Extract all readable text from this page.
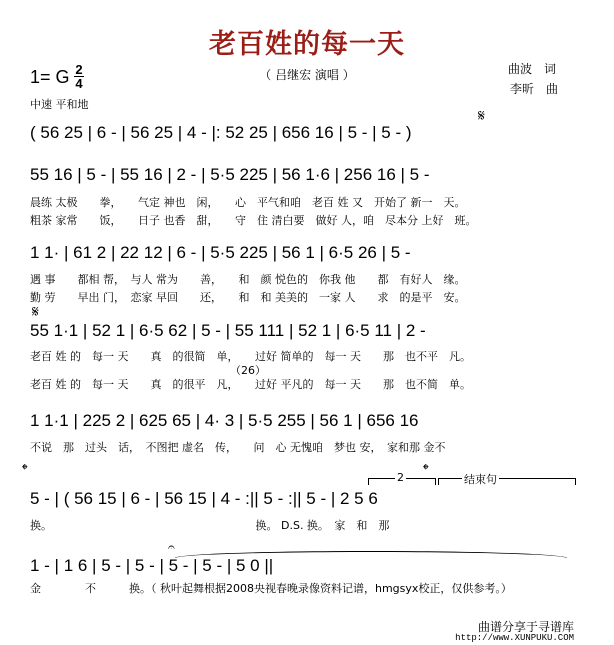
老百姓的每一天
（ 吕继宏 演唱 ）
1= G 2
4
中速 平和地
曲波　词
李昕　曲
( 56 25 | 6 - | 56 25 | 4 - |: 52 25 | 656 16 | 5 - | 5 - )
𝄋
55 16 | 5 - | 55 16 | 2 - | 5·5 225 | 56 1·6 | 256 16 | 5 -
晨练 太极　　拳，　　气定 神也　闲，　　心　平气和咱　老百 姓 又　开始了 新一　天。
粗茶 家常　　饭，　　日子 也香　甜，　　守　住 清白要　做好 人，咱　尽本分 上好　班。
1 1· | 61 2 | 22 12 | 6 - | 5·5 225 | 56 1 | 6·5 26 | 5 -
遇 事　　都相 帮，　与人 常为　　善，　　和　颜 悦色的　你我 他　　都　有好人　缘。
勤 劳　　早出 门，　恋家 早回　　还，　　和　和 美美的　一家 人　　求　的是平　安。
𝄋
55 1·1 | 52 1 | 6·5 62 | 5 - | 55 111 | 52 1 | 6·5 11 | 2 -
老百 姓 的　每一 天　　真　的很简　单，　　过好 简单的　每一 天　　那　也不平　凡。
（26）
老百 姓 的　每一 天　　真　的很平　凡，　　过好 平凡的　每一 天　　那　也不简　单。
1 1·1 | 225 2 | 625 65 | 4· 3 | 5·5 255 | 56 1 | 656 16
不说　那　过头　话，　不图把 虚名　传，　　问　心 无愧咱　梦也 安，　家和那 金不
𝄌	𝄌
2	结束句
5 - | ( 56 15 | 6 - | 56 15 | 4 - :|| 5 - :|| 5 - | 2 5 6
换。　　　　　　　　　　　　　　　　　　　换。 D.S. 换。　家　和　那
𝄐
1 - | 1 6 | 5 - | 5 - | 5 - | 5 - | 5 0 ||
金　　　　不　　　换。（ 秋叶起舞根据2008央视春晚录像资料记谱，hmgsyx校正，仅供参考。）
曲谱分享于寻谱库
http://www.XUNPUKU.COM
